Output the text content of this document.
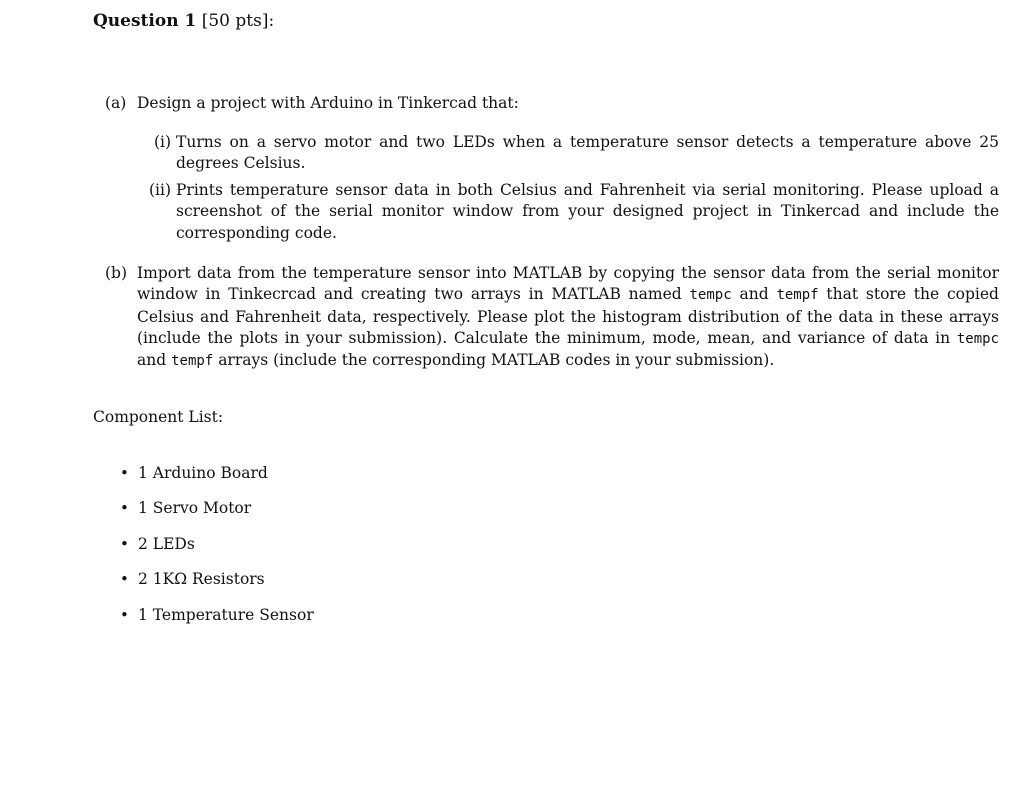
Question 1 [50 pts]:
(a) Design a project with Arduino in Tinkercad that:
(i) Turns on a servo motor and two LEDs when a temperature sensor detects a temperature above 25 degrees Celsius.
(ii) Prints temperature sensor data in both Celsius and Fahrenheit via serial monitoring. Please upload a screenshot of the serial monitor window from your designed project in Tinkercad and include the corresponding code.
(b) Import data from the temperature sensor into MATLAB by copying the sensor data from the serial monitor window in Tinkecrcad and creating two arrays in MATLAB named tempc and tempf that store the copied Celsius and Fahrenheit data, respectively. Please plot the histogram distribution of the data in these arrays (include the plots in your submission). Calculate the minimum, mode, mean, and variance of data in tempc and tempf arrays (include the corresponding MATLAB codes in your submission).
Component List:
• 1 Arduino Board
• 1 Servo Motor
• 2 LEDs
• 2 1KΩ Resistors
• 1 Temperature Sensor
